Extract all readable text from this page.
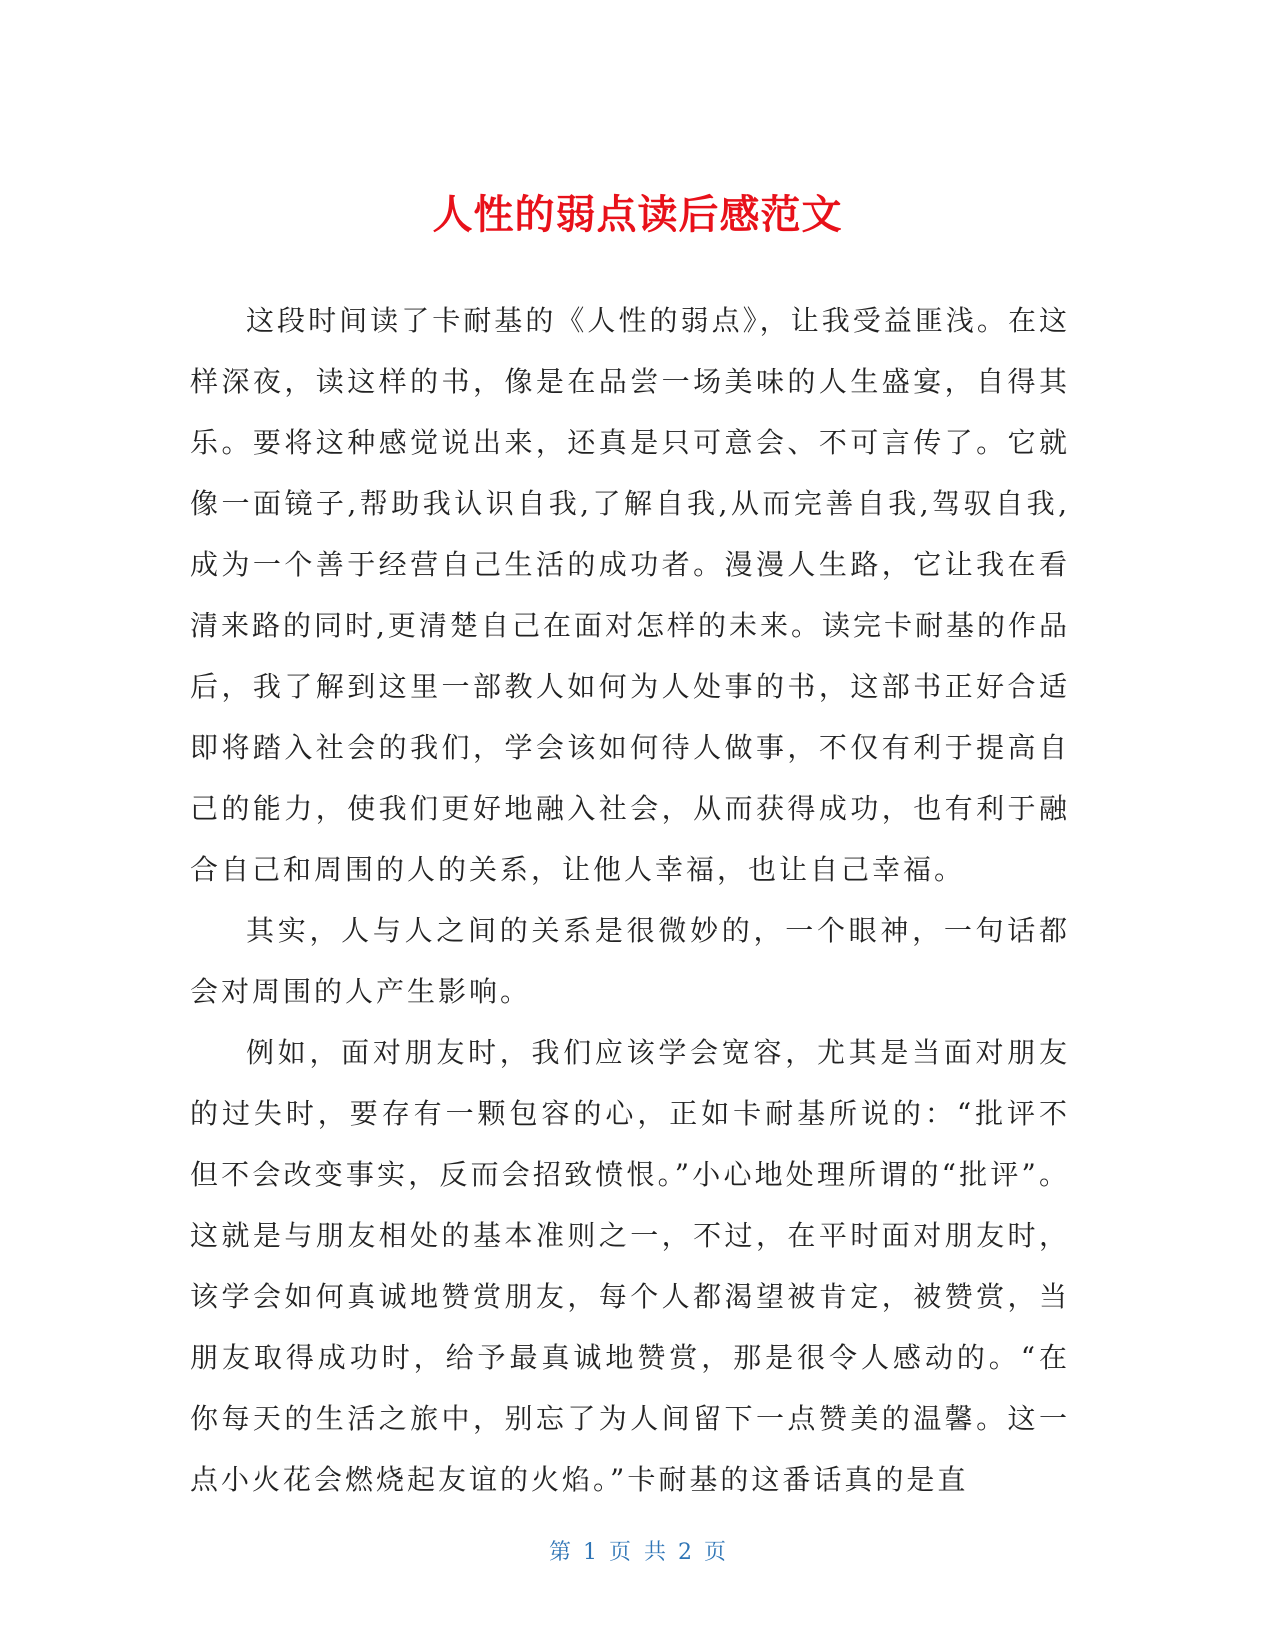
人性的弱点读后感范文

这段时间读了卡耐基的《人性的弱点》，让我受益匪浅。在这样深夜，读这样的书，像是在品尝一场美味的人生盛宴，自得其乐。要将这种感觉说出来，还真是只可意会、不可言传了。它就像一面镜子,帮助我认识自我,了解自我,从而完善自我,驾驭自我,成为一个善于经营自己生活的成功者。漫漫人生路，它让我在看清来路的同时,更清楚自己在面对怎样的未来。读完卡耐基的作品后，我了解到这里一部教人如何为人处事的书，这部书正好合适即将踏入社会的我们，学会该如何待人做事，不仅有利于提高自己的能力，使我们更好地融入社会，从而获得成功，也有利于融合自己和周围的人的关系，让他人幸福，也让自己幸福。

其实，人与人之间的关系是很微妙的，一个眼神，一句话都会对周围的人产生影响。

例如，面对朋友时，我们应该学会宽容，尤其是当面对朋友的过失时，要存有一颗包容的心，正如卡耐基所说的：“批评不但不会改变事实，反而会招致愤恨。”小心地处理所谓的“批评”。这就是与朋友相处的基本准则之一，不过，在平时面对朋友时，该学会如何真诚地赞赏朋友，每个人都渴望被肯定，被赞赏，当朋友取得成功时，给予最真诚地赞赏，那是很令人感动的。“在你每天的生活之旅中，别忘了为人间留下一点赞美的温馨。这一点小火花会燃烧起友谊的火焰。”卡耐基的这番话真的是直

第 1 页 共 2 页
